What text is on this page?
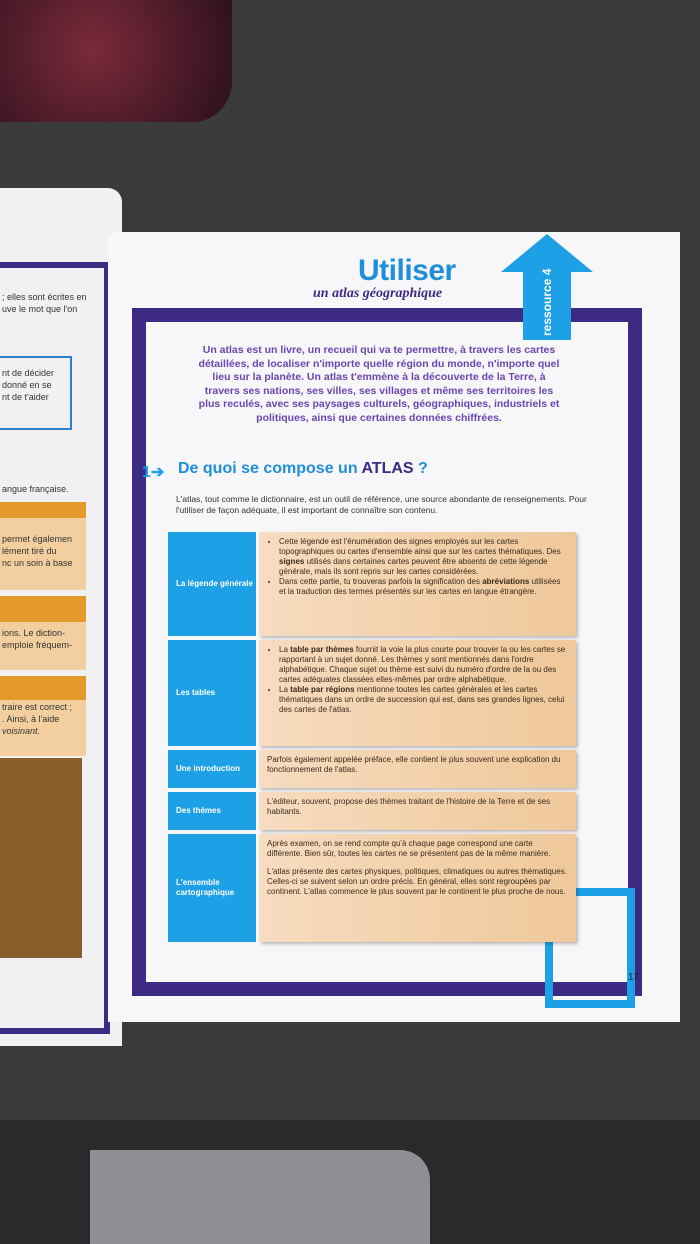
; elles sont écrites en
uve le mot que l'on
nt de décider
donné en se
nt de t'aider
angue française.
permet égalemen
lément tiré du
nc un soin à base
ions. Le diction-
emploie fréquem-
traire est correct ;
. Ainsi, à l'aide
voisinant.
ressource 4
Utiliser
un atlas géographique
Un atlas est un livre, un recueil qui va te permettre, à travers les cartes détaillées, de localiser n'importe quelle région du monde, n'importe quel lieu sur la planète. Un atlas t'emmène à la découverte de la Terre, à travers ses nations, ses villes, ses villages et même ses territoires les plus reculés, avec ses paysages culturels, géographiques, industriels et politiques, ainsi que certaines données chiffrées.
1➔ De quoi se compose un ATLAS ?
L'atlas, tout comme le dictionnaire, est un outil de référence, une source abondante de renseignements. Pour l'utiliser de façon adéquate, il est important de connaître son contenu.
La légende générale
• Cette légende est l'énumération des signes employés sur les cartes topographiques ou cartes d'ensemble ainsi que sur les cartes thématiques. Des signes utilisés dans certaines cartes peuvent être absents de cette légende générale, mais ils sont repris sur les cartes considérées.
• Dans cette partie, tu trouveras parfois la signification des abréviations utilisées et la traduction des termes présentés sur les cartes en langue étrangère.
Les tables
• La table par thèmes fournit la voie la plus courte pour trouver la ou les cartes se rapportant à un sujet donné. Les thèmes y sont mentionnés dans l'ordre alphabétique. Chaque sujet ou thème est suivi du numéro d'ordre de la ou des cartes adéquates classées elles-mêmes par ordre alphabétique.
• La table par régions mentionne toutes les cartes générales et les cartes thématiques dans un ordre de succession qui est, dans ses grandes lignes, celui des cartes de l'atlas.
Une introduction
Parfois également appelée préface, elle contient le plus souvent une explication du fonctionnement de l'atlas.
Des thèmes
L'éditeur, souvent, propose des thèmes traitant de l'histoire de la Terre et de ses habitants.
L'ensemble cartographique

Après examen, on se rend compte qu'à chaque page correspond une carte différente. Bien sûr, toutes les cartes ne se présentent pas de la même manière.

L'atlas présente des cartes physiques, politiques, climatiques ou autres thématiques. Celles-ci se suivent selon un ordre précis. En général, elles sont regroupées par continent. L'atlas commence le plus souvent par le continent le plus proche de nous.

17
